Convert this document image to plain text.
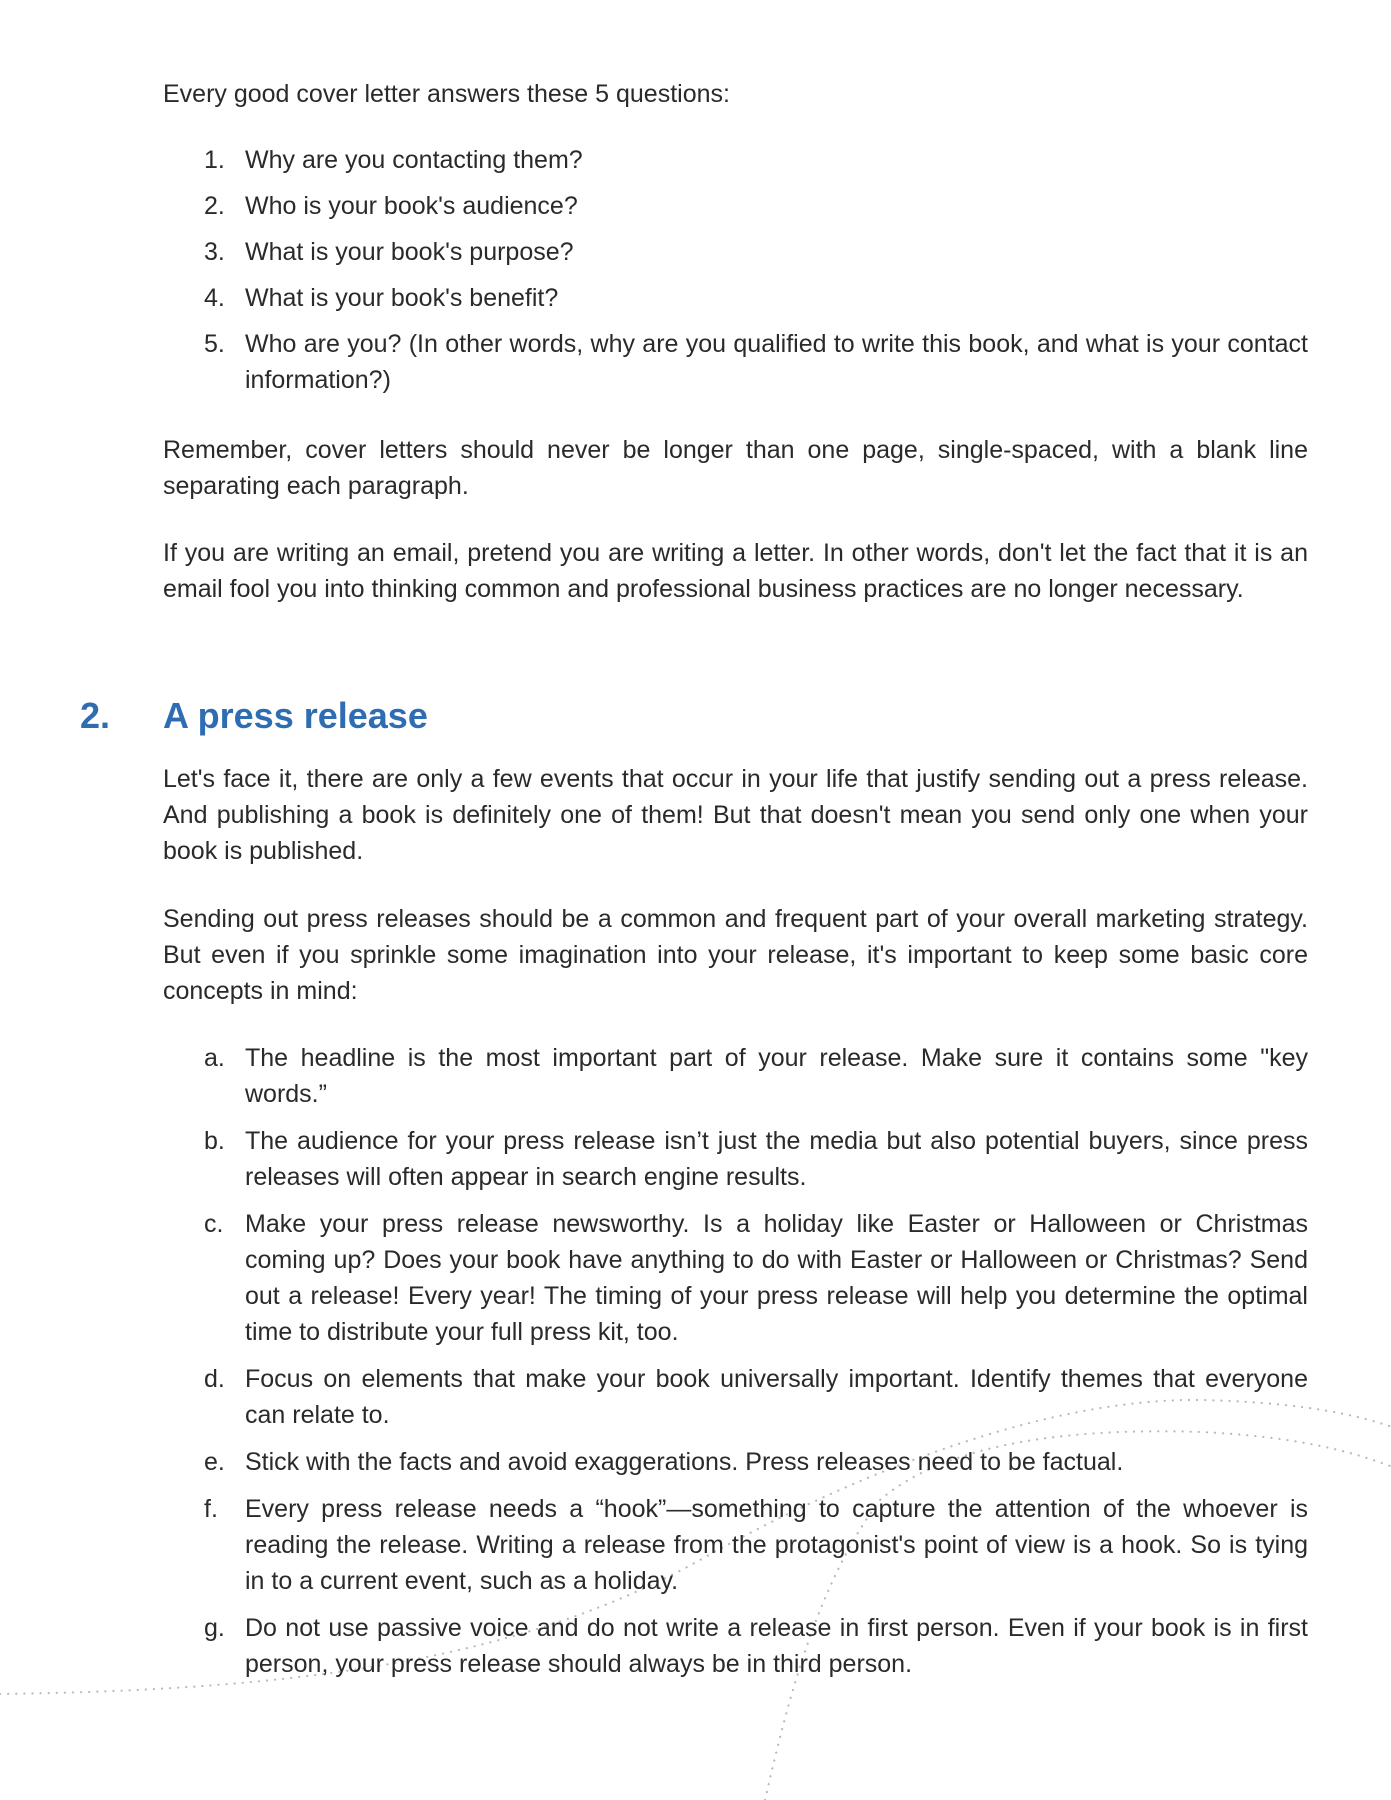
Every good cover letter answers these 5 questions:

1. Why are you contacting them?
2. Who is your book's audience?
3. What is your book's purpose?
4. What is your book's benefit?
5. Who are you? (In other words, why are you qualified to write this book, and what is your contact information?)

Remember, cover letters should never be longer than one page, single-spaced, with a blank line separating each paragraph.

If you are writing an email, pretend you are writing a letter. In other words, don't let the fact that it is an email fool you into thinking common and professional business practices are no longer necessary.

2. A press release

Let's face it, there are only a few events that occur in your life that justify sending out a press release. And publishing a book is definitely one of them! But that doesn't mean you send only one when your book is published.

Sending out press releases should be a common and frequent part of your overall marketing strategy. But even if you sprinkle some imagination into your release, it's important to keep some basic core concepts in mind:

a. The headline is the most important part of your release. Make sure it contains some "key words.”
b. The audience for your press release isn’t just the media but also potential buyers, since press releases will often appear in search engine results.
c. Make your press release newsworthy. Is a holiday like Easter or Halloween or Christmas coming up? Does your book have anything to do with Easter or Halloween or Christmas? Send out a release! Every year! The timing of your press release will help you determine the optimal time to distribute your full press kit, too.
d. Focus on elements that make your book universally important. Identify themes that everyone can relate to.
e. Stick with the facts and avoid exaggerations. Press releases need to be factual.
f. Every press release needs a “hook”—something to capture the attention of the whoever is reading the release. Writing a release from the protagonist's point of view is a hook. So is tying in to a current event, such as a holiday.
g. Do not use passive voice and do not write a release in first person. Even if your book is in first person, your press release should always be in third person.
